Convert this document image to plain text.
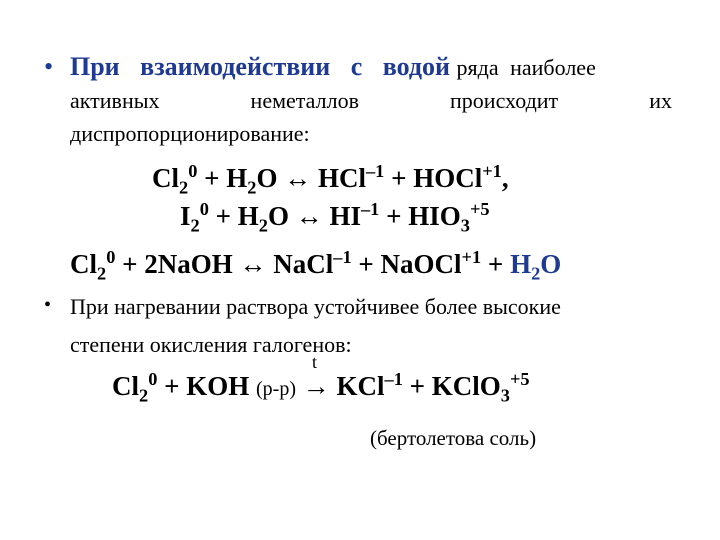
• При взаимодействии с водой ряда наиболее
активных	неметаллов	происходит	их
диспропорционирование:
$Cl_2^0 + H_2O$ ↔ HCl$^{-1}$ + HOCl$^{+1}$,
$I_2^0 + H_2O$ ↔ $HI^{-1} + HIO_3^{+5}$
$Cl_2^0$ + 2NaOH ↔ NaCl$^{-1}$ + NaOCl$^{+1}$ + $H_2O$
• При нагревании раствора устойчивее более высокие
степени окисления галогенов:
t
$Cl_2^0$ + KOH (р-р) → KCl$^{-1}$ + KClO$_3^{+5}$
(бертолетова соль)
